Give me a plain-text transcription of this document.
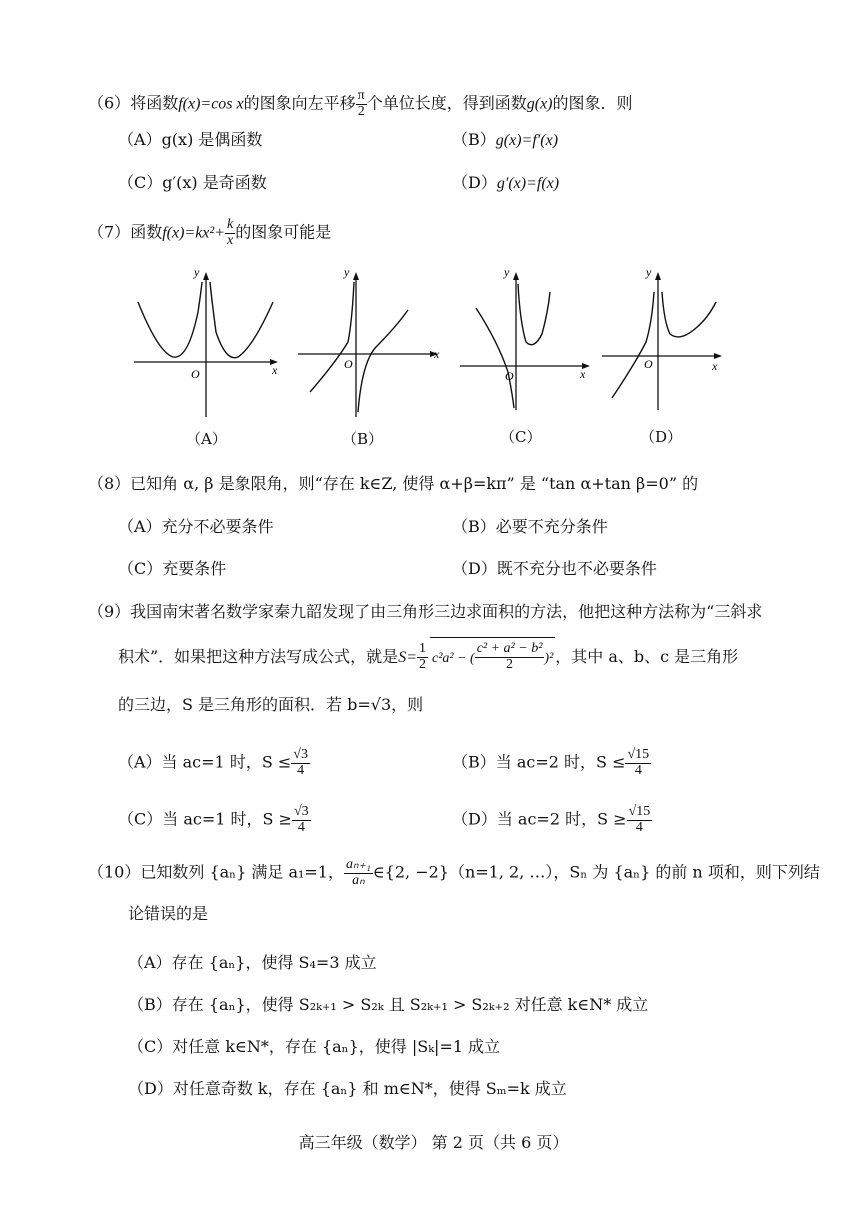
（6）将函数f(x)=cos x的图象向左平移 $\frac{\pi}{2}$ 个单位长度，得到函数g(x)的图象．则
（A）g(x) 是偶函数	（B）g(x)=f′(x)
（C）g′(x) 是奇函数	（D）g′(x)=f(x)
（7）函数$f(x)=kx^2+ \frac{k}{x}$ 的图象可能是
y
x
O
（A）
y
x
O
（B）
y
x
O
（C）
y
x
O
（D）
（8）已知角 α, β 是象限角，则“存在 k∈Z, 使得 α+β=kπ” 是 “tan α+tan β=0” 的
（A）充分不必要条件	（B）必要不充分条件
（C）充要条件	（D）既不充分也不必要条件
（9）我国南宋著名数学家秦九韶发现了由三角形三边求面积的方法，他把这种方法称为“三斜求
积术”．如果把这种方法写成公式，就是$S= \frac{1}{2} c^2a^2$ − ( $\frac{\text{c² + a² − b²}}{2} )^2$ ，其中 a、b、c 是三角形
的三边，S 是三角形的面积．若 b=√3，则
（A）当 ac=1 时，$S \le \frac{√3}{4}$	（B）当 ac=2 时，$S \le \frac{√15}{4}$
（C）当 ac=1 时，$S \ge \frac{√3}{4}$	（D）当 ac=2 时，$S \ge \frac{√15}{4}$
（10）已知数列 {aₙ} 满足 a₁=1， $\frac{\text{aₙ₊₁}}{\text{aₙ}}$ ∈{2, −2}（n=1, 2, …），Sₙ 为 {aₙ} 的前 n 项和，则下列结
论错误的是
（A）存在 {aₙ}，使得 S₄=3 成立
（B）存在 {aₙ}，使得 S₂ₖ₊₁ > S₂ₖ 且 S₂ₖ₊₁ > S₂ₖ₊₂ 对任意 k∈N* 成立
（C）对任意 k∈N*，存在 {aₙ}，使得 |Sₖ|=1 成立
（D）对任意奇数 k，存在 {aₙ} 和 m∈N*，使得 Sₘ=k 成立
高三年级（数学） 第 2 页（共 6 页）
